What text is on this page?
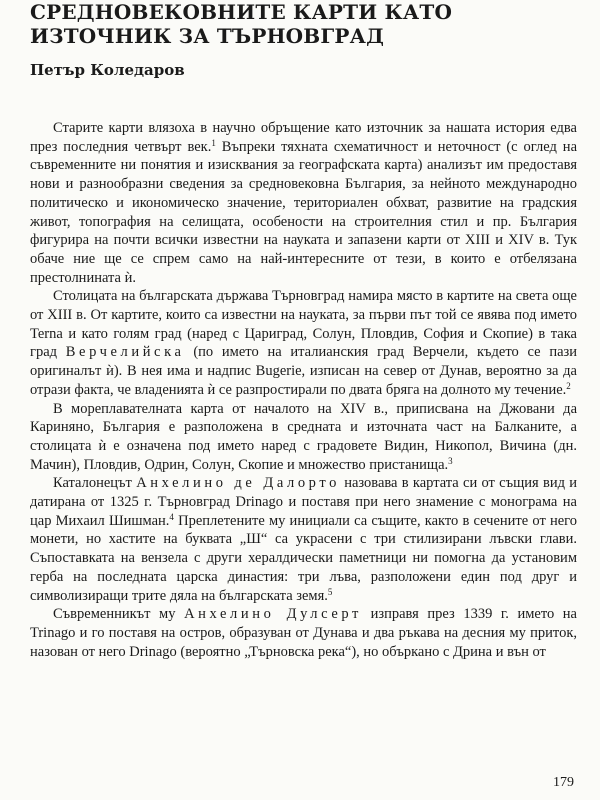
СРЕДНОВЕКОВНИТЕ КАРТИ КАТО ИЗТОЧНИК ЗА ТЪРНОВГРАД
Петър Коледаров

Старите карти влязоха в научно обръщение като източник за нашата история едва през последния четвърт век.$^1$ Въпреки тяхната схематичност и неточност (с оглед на съвременните ни понятия и изисквания за географската карта) анализът им предоставя нови и разнообразни сведения за средновековна България, за нейното международно политическо и икономическо значение, териториален обхват, развитие на градския живот, топография на селищата, особености на строителния стил и пр. България фигурира на почти всички известни на науката и запазени карти от XIII и XIV в. Тук обаче ние ще се спрем само на най-интересните от тези, в които е отбелязана престолнината ѝ.

Столицата на българската държава Търновград намира място в картите на света още от XIII в. От картите, които са известни на науката, за първи път той се явява под името Terna и като голям град (наред с Цариград, Солун, Пловдив, София и Скопие) в така град Верчелийска (по името на италианския град Верчели, където се пази оригиналът ѝ). В нея има и надпис Bugerie, изписан на север от Дунав, вероятно за да отрази факта, че владенията ѝ се разпростирали по двата бряга на долното му течение.$^2$

В мореплавателната карта от началото на XIV в., приписвана на Джовани да Кариняно, България е разположена в средната и източната част на Балканите, а столицата ѝ е означена под името наред с градовете Видин, Никопол, Вичина (дн. Мачин), Пловдив, Одрин, Солун, Скопие и множество пристанища.$^3$

Каталонецът Анхелино де Далорто назовава в картата си от същия вид и датирана от 1325 г. Търновград Drinago и поставя при него знамение с монограма на цар Михаил Шишман.$^4$ Преплетените му инициали са същите, както в сечените от него монети, но хастите на буквата „Ш“ са украсени с три стилизирани лъвски глави. Съпоставката на вензела с други хералдически паметници ни помогна да установим герба на последната царска династия: три лъва, разположени един под друг и символизиращи трите дяла на българската земя.$^5$

Съвременникът му Анхелино Дулсерт изправя през 1339 г. името на Trinago и го поставя на остров, образуван от Дунава и два ръкава на десния му приток, назован от него Drinago (вероятно „Търновска река“), но объркано с Дрина и вън от

179
